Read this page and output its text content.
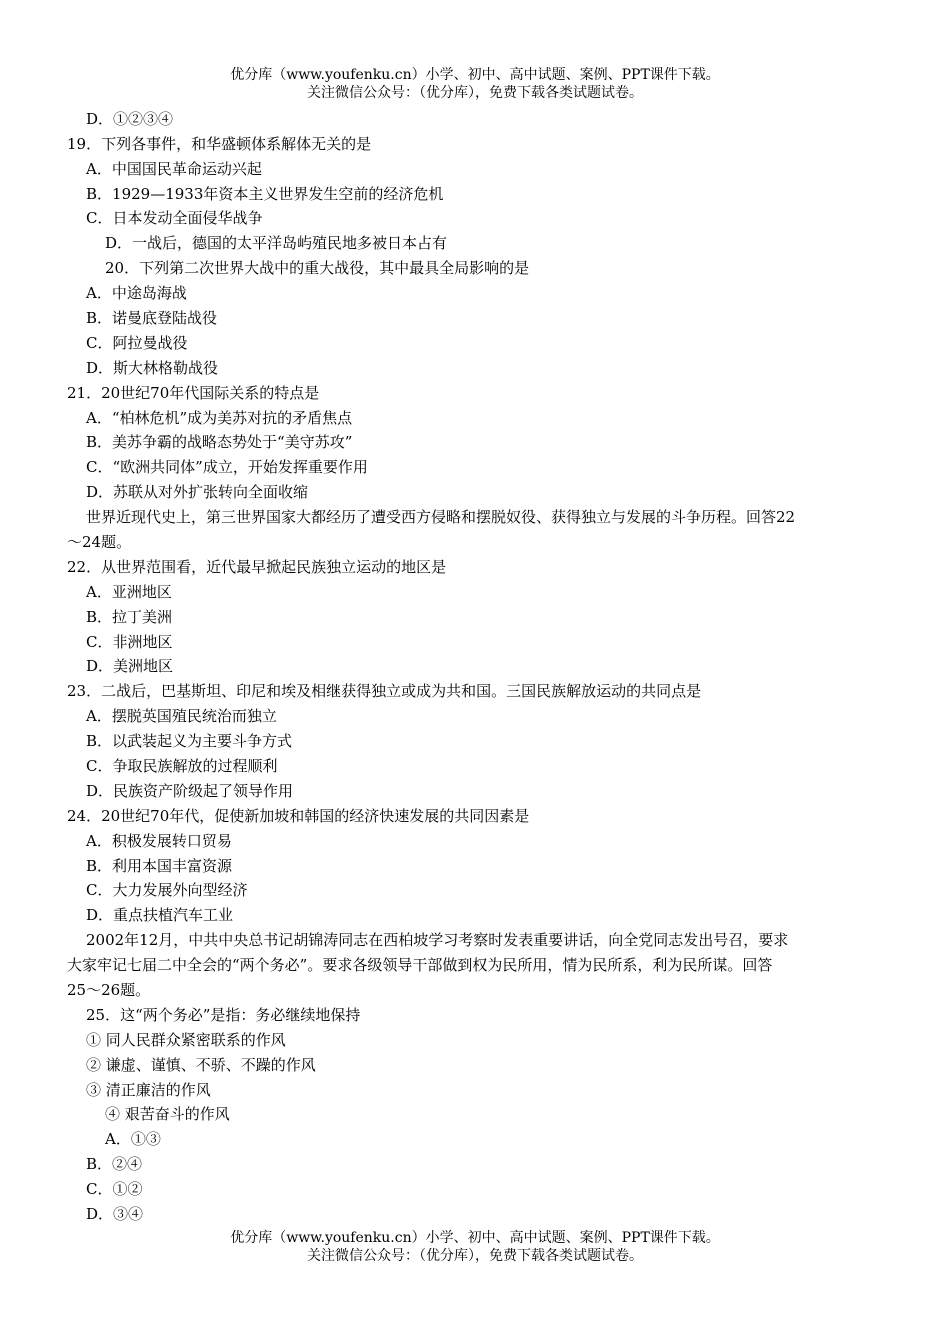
优分库（www.youfenku.cn）小学、初中、高中试题、案例、PPT课件下载。
关注微信公众号：（优分库），免费下载各类试题试卷。
D．①②③④
19．下列各事件，和华盛顿体系解体无关的是
A．中国国民革命运动兴起
B．1929—1933年资本主义世界发生空前的经济危机
C．日本发动全面侵华战争
D．一战后，德国的太平洋岛屿殖民地多被日本占有
20．下列第二次世界大战中的重大战役，其中最具全局影响的是
A．中途岛海战
B．诺曼底登陆战役
C．阿拉曼战役
D．斯大林格勒战役
21．20世纪70年代国际关系的特点是
A．“柏林危机”成为美苏对抗的矛盾焦点
B．美苏争霸的战略态势处于“美守苏攻”
C．“欧洲共同体”成立，开始发挥重要作用
D．苏联从对外扩张转向全面收缩
世界近现代史上，第三世界国家大都经历了遭受西方侵略和摆脱奴役、获得独立与发展的斗争历程。回答22
～24题。
22．从世界范围看，近代最早掀起民族独立运动的地区是
A．亚洲地区
B．拉丁美洲
C．非洲地区
D．美洲地区
23．二战后，巴基斯坦、印尼和埃及相继获得独立或成为共和国。三国民族解放运动的共同点是
A．摆脱英国殖民统治而独立
B．以武装起义为主要斗争方式
C．争取民族解放的过程顺利
D．民族资产阶级起了领导作用
24．20世纪70年代，促使新加坡和韩国的经济快速发展的共同因素是
A．积极发展转口贸易
B．利用本国丰富资源
C．大力发展外向型经济
D．重点扶植汽车工业
2002年12月，中共中央总书记胡锦涛同志在西柏坡学习考察时发表重要讲话，向全党同志发出号召，要求
大家牢记七届二中全会的“两个务必”。要求各级领导干部做到权为民所用，情为民所系，利为民所谋。回答
25～26题。
25．这“两个务必”是指：务必继续地保持
① 同人民群众紧密联系的作风
② 谦虚、谨慎、不骄、不躁的作风
③ 清正廉洁的作风
④ 艰苦奋斗的作风
A．①③
B．②④
C．①②
D．③④
优分库（www.youfenku.cn）小学、初中、高中试题、案例、PPT课件下载。
关注微信公众号：（优分库），免费下载各类试题试卷。
